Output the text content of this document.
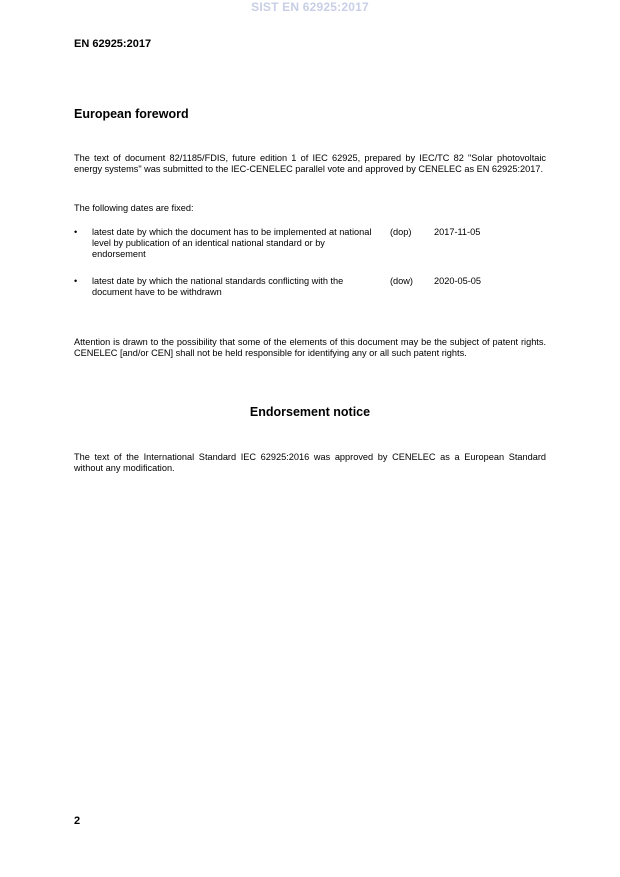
SIST EN 62925:2017
EN 62925:2017
European foreword
The text of document 82/1185/FDIS, future edition 1 of IEC 62925, prepared by IEC/TC 82 "Solar photovoltaic energy systems" was submitted to the IEC-CENELEC parallel vote and approved by CENELEC as EN 62925:2017.
The following dates are fixed:
• latest date by which the document has to be implemented at national level by publication of an identical national standard or by endorsement
(dop) 2017-11-05
• latest date by which the national standards conflicting with the document have to be withdrawn
(dow) 2020-05-05
Attention is drawn to the possibility that some of the elements of this document may be the subject of patent rights. CENELEC [and/or CEN] shall not be held responsible for identifying any or all such patent rights.
Endorsement notice
The text of the International Standard IEC 62925:2016 was approved by CENELEC as a European Standard without any modification.
2
